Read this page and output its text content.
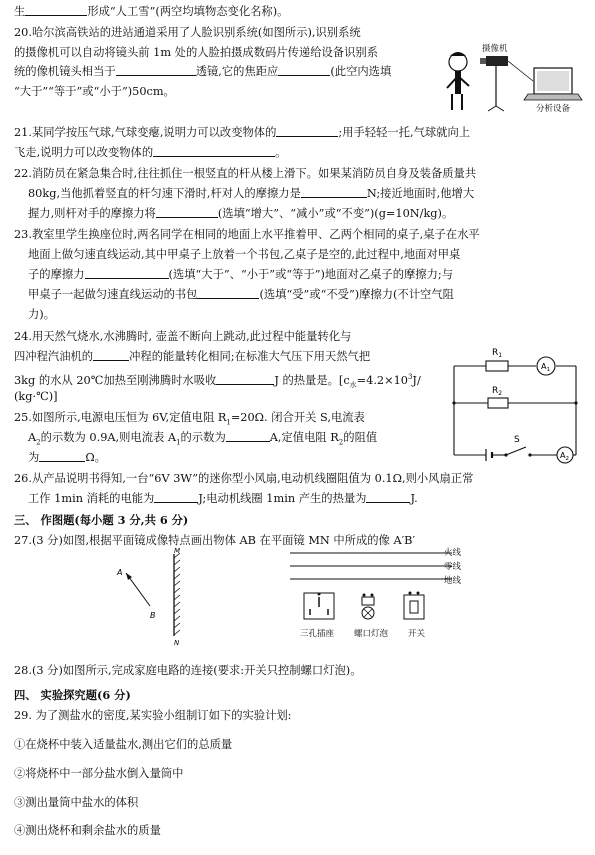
生	形成“人工雪”(两空均填物态变化名称)。
20.哈尔滨高铁站的进站通道采用了人脸识别系统(如图所示),识别系统
的摄像机可以自动将镜头前 1m 处的人脸拍摄成数码片传递给设备识别系
统的像机镜头相当于	透镜,它的焦距应	(此空内选填
“大于”“等于”或“小于”)50cm。
摄像机
分析设备
21.某同学按压气球,气球变瘪,说明力可以改变物体的	;用手轻轻一托,气球就向上
飞走,说明力可以改变物体的	。
22.消防员在紧急集合时,往往抓住一根竖直的杆从楼上滑下。如果某消防员自身及装备质量共
80kg,当他抓着竖直的杆匀速下滑时,杆对人的摩擦力是	N;接近地面时,他增大
握力,则杆对手的摩擦力将	(选填“增大”、“减小”或“不变”)(g=10N/kg)。
23.教室里学生换座位时,两名同学在相同的地面上水平推着甲、乙两个相同的桌子,桌子在水平
地面上做匀速直线运动,其中甲桌子上放着一个书包,乙桌子是空的,此过程中,地面对甲桌
子的摩擦力	(选填“大于”、“小于”或“等于”)地面对乙桌子的摩擦力;与
甲桌子一起做匀速直线运动的书包	(选填“受”或“不受”)摩擦力(不计空气阻
力)。
24.用天然气烧水,水沸腾时, 壶盖不断向上跳动,此过程中能量转化与
四冲程汽油机的	冲程的能量转化相同;在标准大气压下用天然气把
3kg 的水从 20℃加热至刚沸腾时水吸收	J 的热量是。[$c_水=4.2\times 10^3J/$
(kg·℃)]
25.如图所示,电源电压恒为 6V,定值电阻 $R_1=20\Omega$. 闭合开关 S,电流表
$A_2$的示数为 0.9A,则电流表 $A_1$的示数为	A,定值电阻 $R_2$的阻值
为	Ω。
$R_1$
$R_2$
$A_1$
$A_2$
S
26.从产品说明书得知,一台“6V 3W”的迷你型小风扇,电动机线圈阻值为 0.1Ω,则小风扇正常
工作 1min 消耗的电能为	J;电动机线圈 1min 产生的热量为	J.
三、 作图题(每小题 3 分,共 6 分)
27.(3 分)如图,根据平面镜成像特点画出物体 AB 在平面镜 MN 中所成的像 A′B′
A
B
M
N
火线
零线
地线
三孔插座 螺口灯泡 开关
28.(3 分)如图所示,完成家庭电路的连接(要求:开关只控制螺口灯泡)。
四、 实验探究题(6 分)
29. 为了测盐水的密度,某实验小组制订如下的实验计划:
①在烧杯中装入适量盐水,测出它们的总质量
②将烧杯中一部分盐水倒入量筒中
③测出量筒中盐水的体积
④测出烧杯和剩余盐水的质量
